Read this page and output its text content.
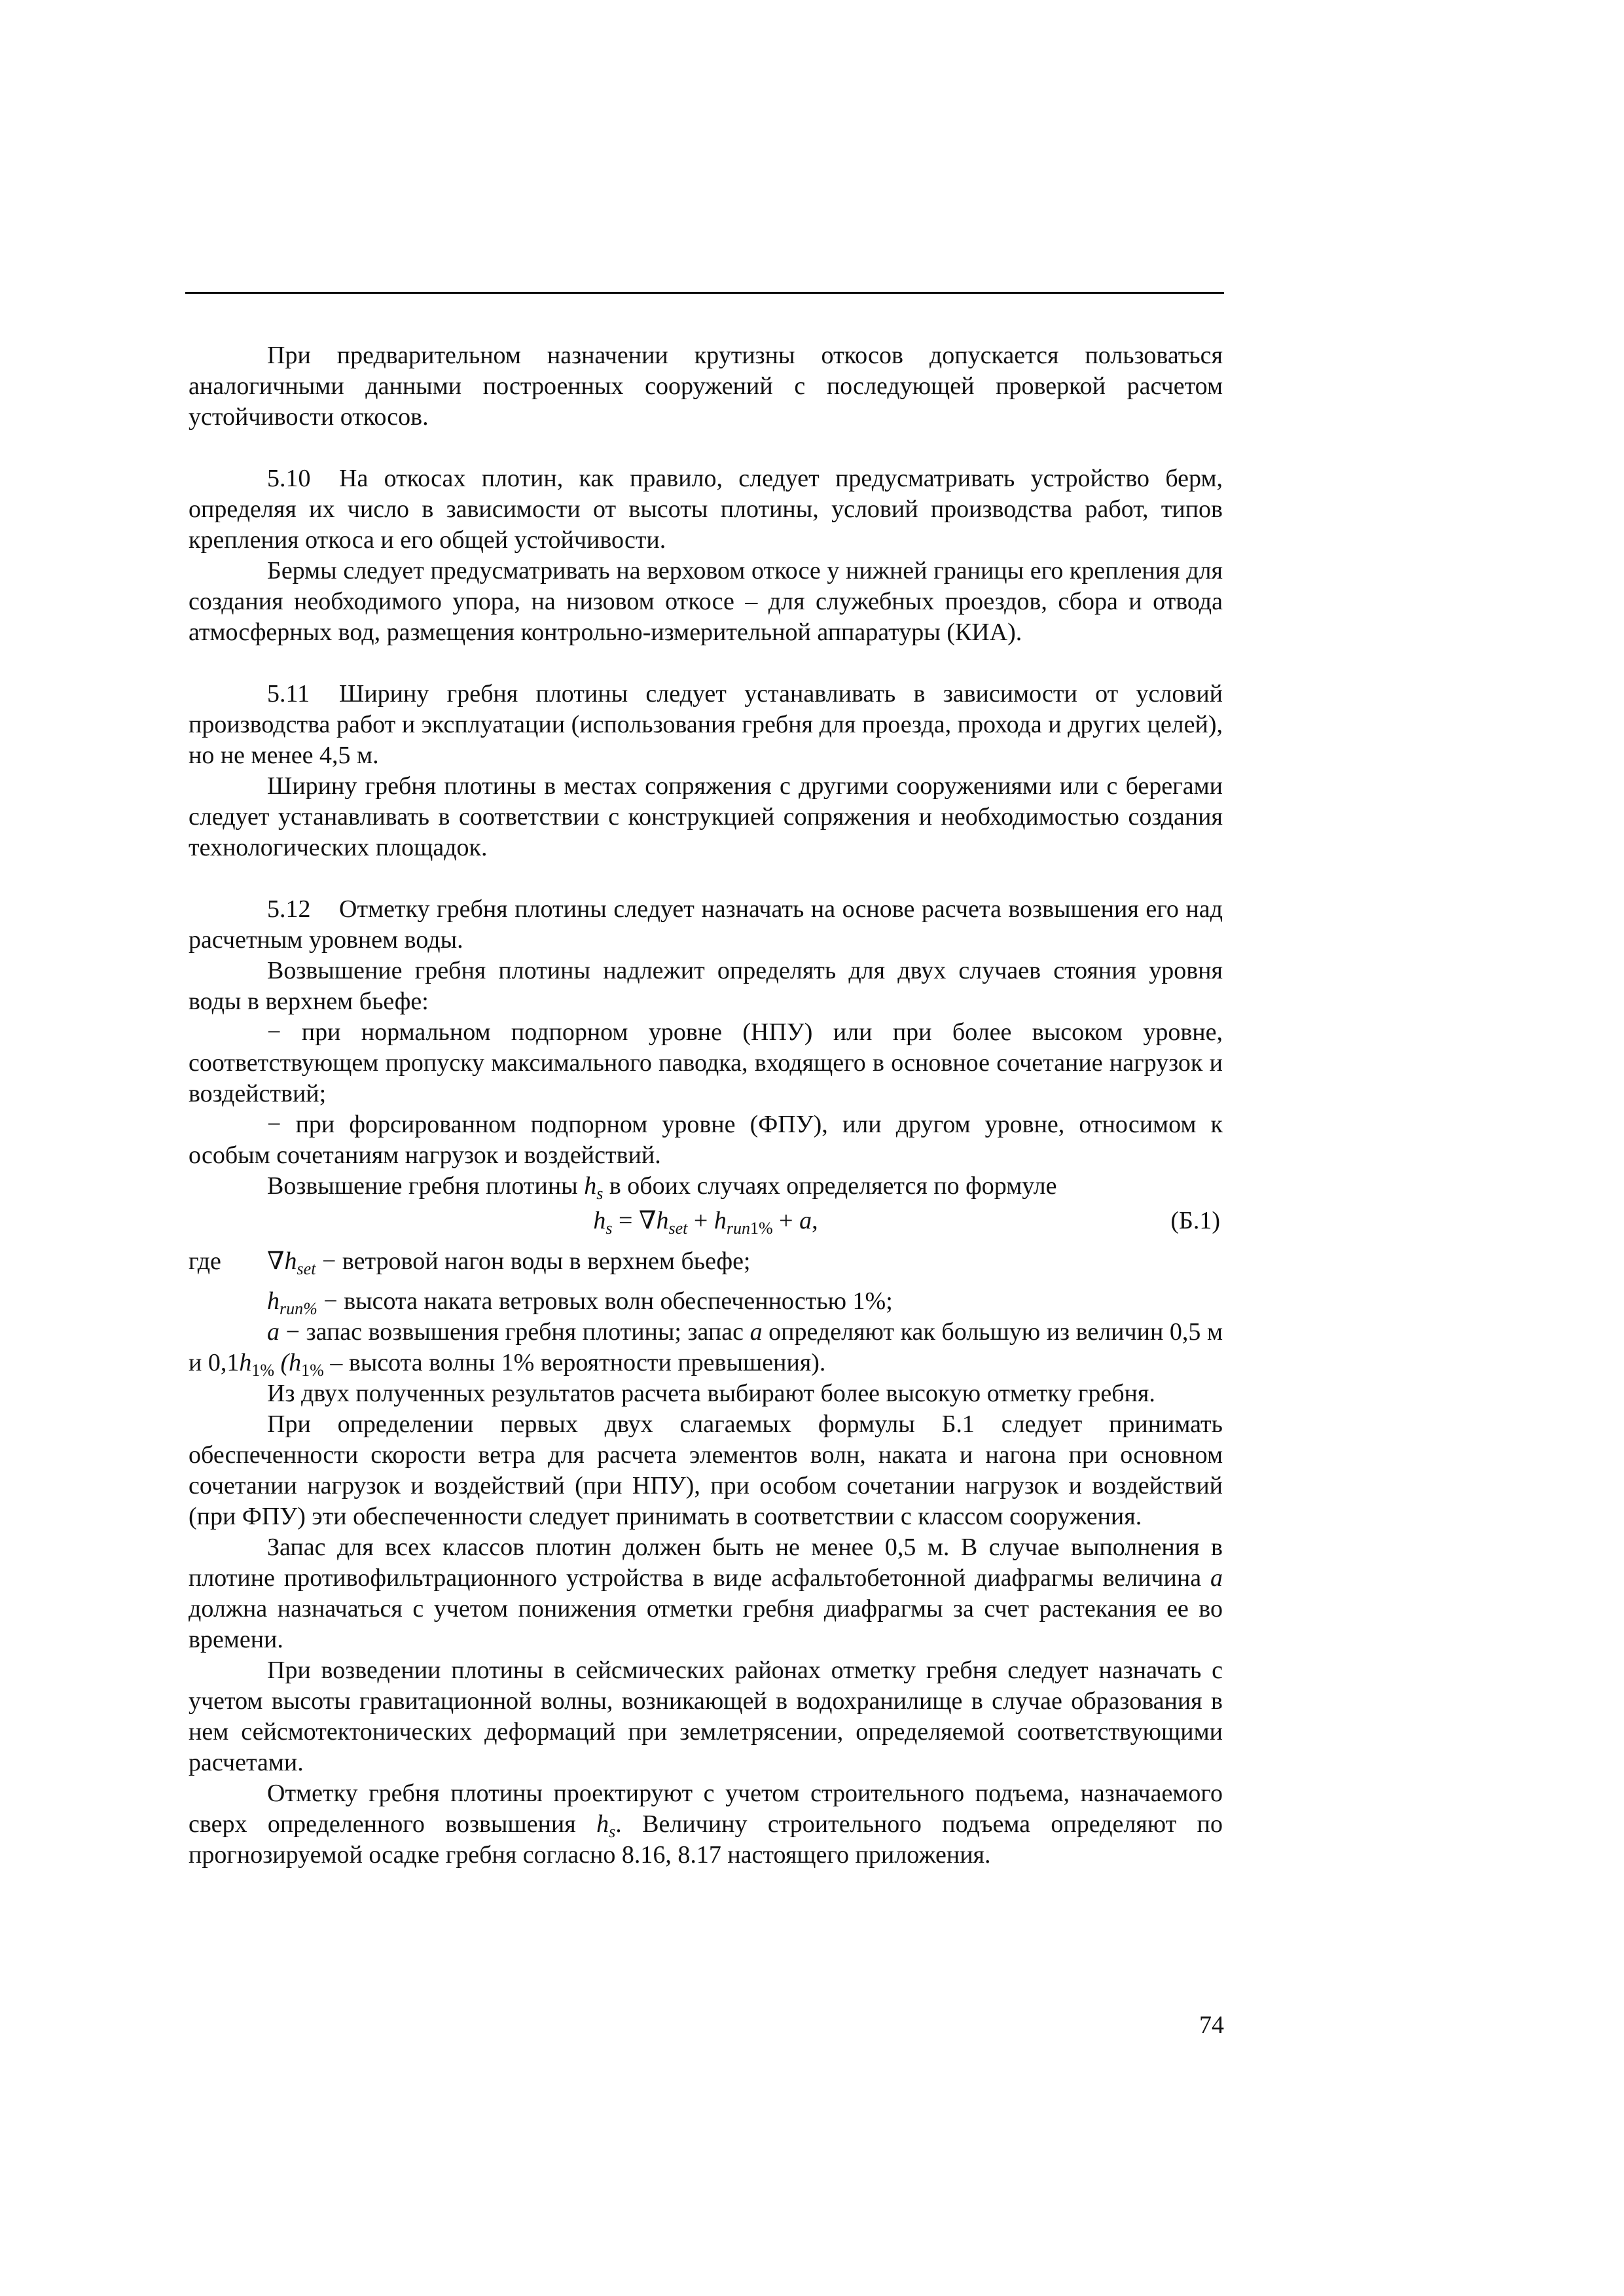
При предварительном назначении крутизны откосов допускается пользоваться аналогичными данными построенных сооружений с последующей проверкой расчетом устойчивости откосов.

5.10 На откосах плотин, как правило, следует предусматривать устройство берм, определяя их число в зависимости от высоты плотины, условий производства работ, типов крепления откоса и его общей устойчивости.

Бермы следует предусматривать на верховом откосе у нижней границы его крепления для создания необходимого упора, на низовом откосе – для служебных проездов, сбора и отвода атмосферных вод, размещения контрольно-измерительной аппаратуры (КИА).

5.11 Ширину гребня плотины следует устанавливать в зависимости от условий производства работ и эксплуатации (использования гребня для проезда, прохода и других целей), но не менее 4,5 м.

Ширину гребня плотины в местах сопряжения с другими сооружениями или с берегами следует устанавливать в соответствии с конструкцией сопряжения и необходимостью создания технологических площадок.

5.12 Отметку гребня плотины следует назначать на основе расчета возвышения его над расчетным уровнем воды.

Возвышение гребня плотины надлежит определять для двух случаев стояния уровня воды в верхнем бьефе:

− при нормальном подпорном уровне (НПУ) или при более высоком уровне, соответствующем пропуску максимального паводка, входящего в основное сочетание нагрузок и воздействий;

− при форсированном подпорном уровне (ФПУ), или другом уровне, относимом к особым сочетаниям нагрузок и воздействий.

Возвышение гребня плотины $h_s$ в обоих случаях определяется по формуле

$h_s = \nabla h_{set} + h_{run1\%} + a$,	(Б.1)
где	$\nabla h_{set}$ − ветровой нагон воды в верхнем бьефе;

$h_{run\%}$ − высота наката ветровых волн обеспеченностью 1%;

a − запас возвышения гребня плотины; запас a определяют как большую из величин 0,5 м и $0,1h_{1\%}$ ($h_{1\%}$ – высота волны 1% вероятности превышения).

Из двух полученных результатов расчета выбирают более высокую отметку гребня.

При определении первых двух слагаемых формулы Б.1 следует принимать обеспеченности скорости ветра для расчета элементов волн, наката и нагона при основном сочетании нагрузок и воздействий (при НПУ), при особом сочетании нагрузок и воздействий (при ФПУ) эти обеспеченности следует принимать в соответствии с классом сооружения.

Запас для всех классов плотин должен быть не менее 0,5 м. В случае выполнения в плотине противофильтрационного устройства в виде асфальтобетонной диафрагмы величина a должна назначаться с учетом понижения отметки гребня диафрагмы за счет растекания ее во времени.

При возведении плотины в сейсмических районах отметку гребня следует назначать с учетом высоты гравитационной волны, возникающей в водохранилище в случае образования в нем сейсмотектонических деформаций при землетрясении, определяемой соответствующими расчетами.

Отметку гребня плотины проектируют с учетом строительного подъема, назначаемого сверх определенного возвышения $h_s$. Величину строительного подъема определяют по прогнозируемой осадке гребня согласно 8.16, 8.17 настоящего приложения.

74
